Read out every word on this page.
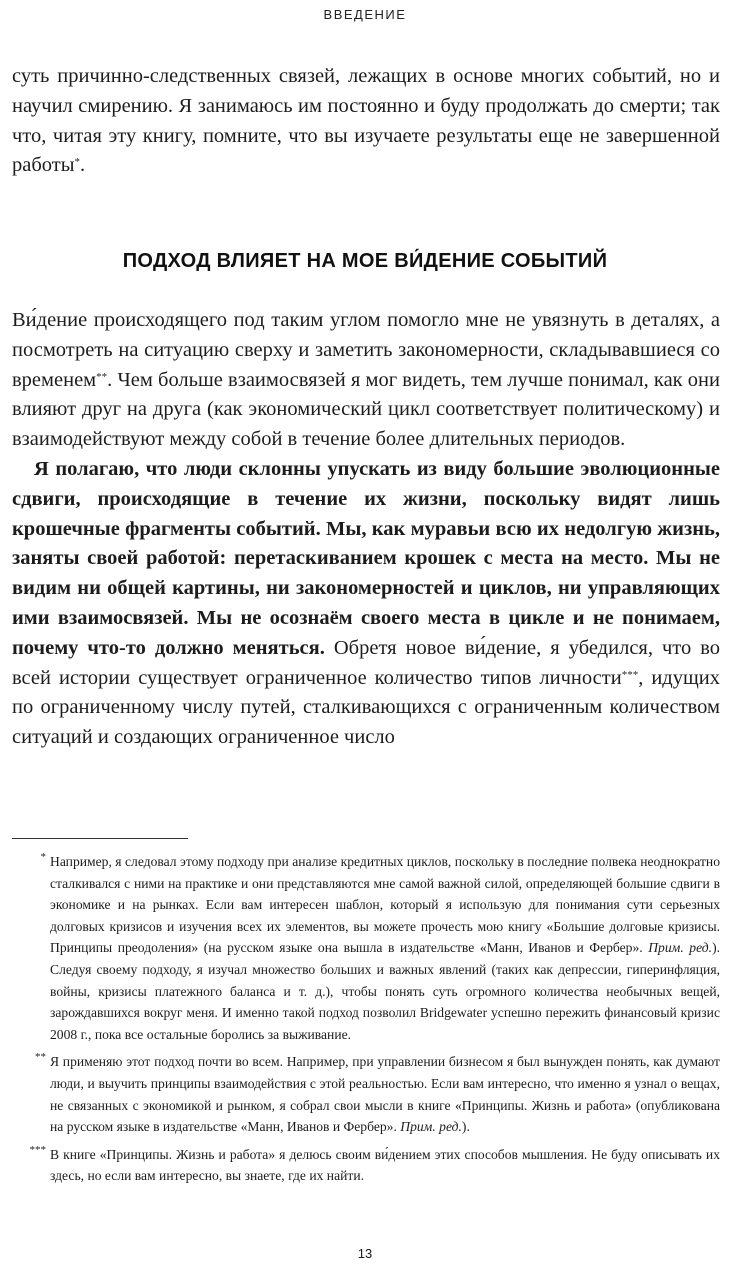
ВВЕДЕНИЕ

суть причинно-следственных связей, лежащих в основе многих событий, но и научил смирению. Я занимаюсь им постоянно и буду продолжать до смерти; так что, читая эту книгу, помните, что вы изучаете результаты еще не завершенной работы*.

ПОДХОД ВЛИЯЕТ НА МОЕ ВИ́ДЕНИЕ СОБЫТИЙ

Ви́дение происходящего под таким углом помогло мне не увязнуть в деталях, а посмотреть на ситуацию сверху и заметить закономерности, складывавшиеся со временем**. Чем больше взаимосвязей я мог видеть, тем лучше понимал, как они влияют друг на друга (как экономический цикл соответствует политическому) и взаимодействуют между собой в течение более длительных периодов.

Я полагаю, что люди склонны упускать из виду большие эволюционные сдвиги, происходящие в течение их жизни, поскольку видят лишь крошечные фрагменты событий. Мы, как муравьи всю их недолгую жизнь, заняты своей работой: перетаскиванием крошек с места на место. Мы не видим ни общей картины, ни закономерностей и циклов, ни управляющих ими взаимосвязей. Мы не осознаём своего места в цикле и не понимаем, почему что-то должно меняться. Обретя новое ви́дение, я убедился, что во всей истории существует ограниченное количество типов личности***, идущих по ограниченному числу путей, сталкивающихся с ограниченным количеством ситуаций и создающих ограниченное число

* Например, я следовал этому подходу при анализе кредитных циклов, поскольку в последние полвека неоднократно сталкивался с ними на практике и они представляются мне самой важной силой, определяющей большие сдвиги в экономике и на рынках. Если вам интересен шаблон, который я использую для понимания сути серьезных долговых кризисов и изучения всех их элементов, вы можете прочесть мою книгу «Большие долговые кризисы. Принципы преодоления» (на русском языке она вышла в издательстве «Манн, Иванов и Фербер». Прим. ред.). Следуя своему подходу, я изучал множество больших и важных явлений (таких как депрессии, гиперинфляция, войны, кризисы платежного баланса и т. д.), чтобы понять суть огромного количества необычных вещей, зарождавшихся вокруг меня. И именно такой подход позволил Bridgewater успешно пережить финансовый кризис 2008 г., пока все остальные боролись за выживание.

** Я применяю этот подход почти во всем. Например, при управлении бизнесом я был вынужден понять, как думают люди, и выучить принципы взаимодействия с этой реальностью. Если вам интересно, что именно я узнал о вещах, не связанных с экономикой и рынком, я собрал свои мысли в книге «Принципы. Жизнь и работа» (опубликована на русском языке в издательстве «Манн, Иванов и Фербер». Прим. ред.).

*** В книге «Принципы. Жизнь и работа» я делюсь своим ви́дением этих способов мышления. Не буду описывать их здесь, но если вам интересно, вы знаете, где их найти.

13
